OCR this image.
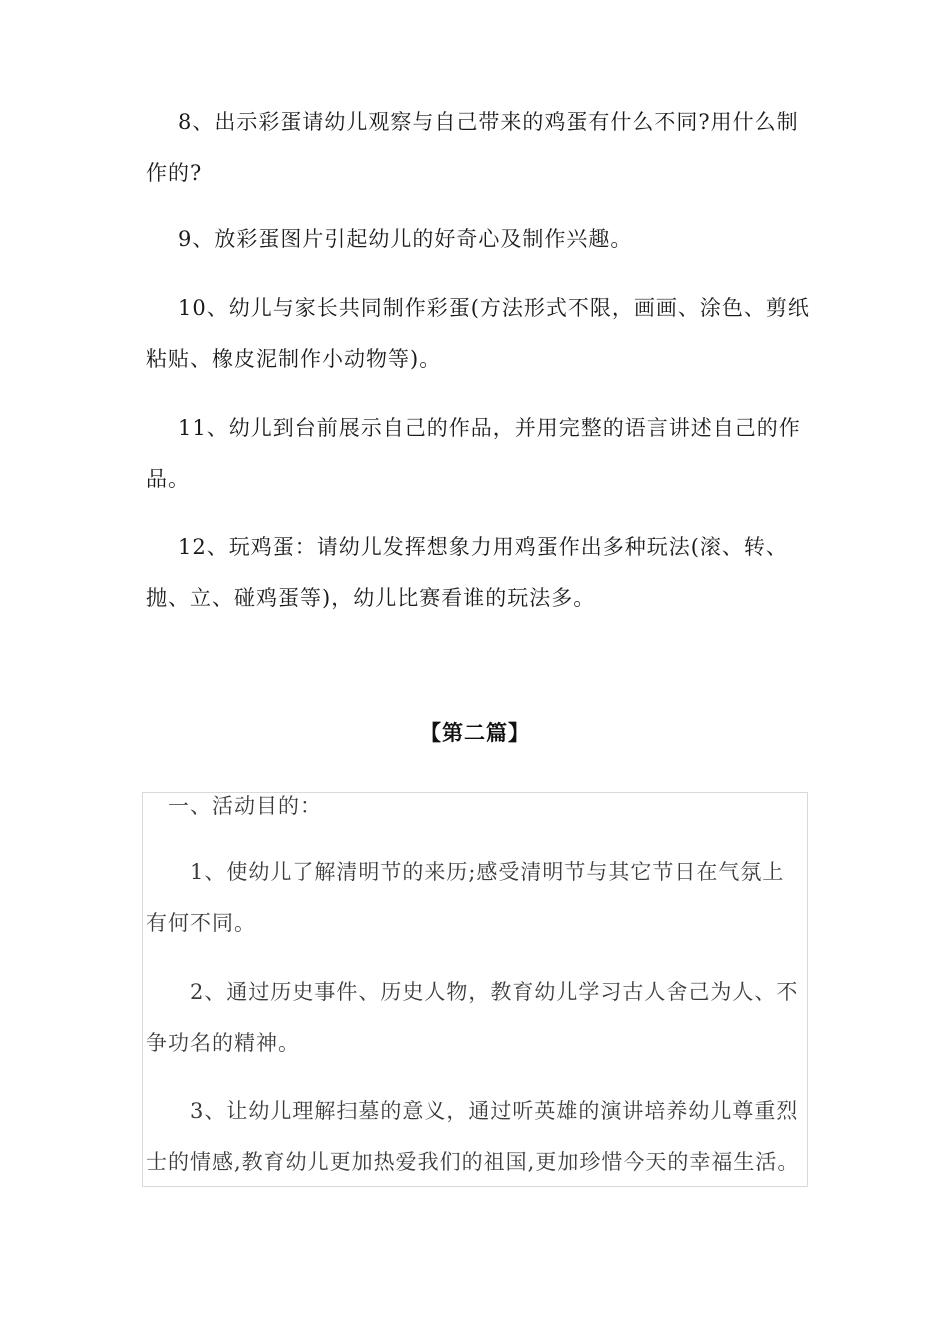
8、出示彩蛋请幼儿观察与自己带来的鸡蛋有什么不同?用什么制作的?

9、放彩蛋图片引起幼儿的好奇心及制作兴趣。

10、幼儿与家长共同制作彩蛋(方法形式不限，画画、涂色、剪纸粘贴、橡皮泥制作小动物等)。

11、幼儿到台前展示自己的作品，并用完整的语言讲述自己的作品。

12、玩鸡蛋：请幼儿发挥想象力用鸡蛋作出多种玩法(滚、转、抛、立、碰鸡蛋等)，幼儿比赛看谁的玩法多。

【第二篇】

一、活动目的：

1、使幼儿了解清明节的来历;感受清明节与其它节日在气氛上有何不同。

2、通过历史事件、历史人物，教育幼儿学习古人舍己为人、不争功名的精神。

3、让幼儿理解扫墓的意义，通过听英雄的演讲培养幼儿尊重烈士的情感,教育幼儿更加热爱我们的祖国,更加珍惜今天的幸福生活。
